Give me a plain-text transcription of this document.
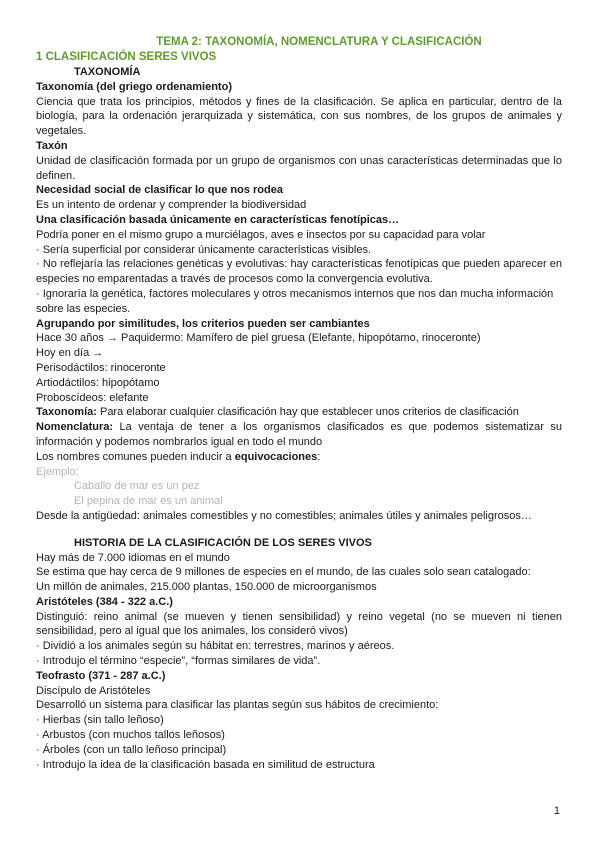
TEMA 2: TAXONOMÍA, NOMENCLATURA Y CLASIFICACIÓN

1 CLASIFICACIÓN SERES VIVOS

TAXONOMÍA

Taxonomía (del griego ordenamiento)

Ciencia que trata los principios, métodos y fines de la clasificación. Se aplica en particular, dentro de la biología, para la ordenación jerarquizada y sistemática, con sus nombres, de los grupos de animales y vegetales.

Taxón

Unidad de clasificación formada por un grupo de organismos con unas características determinadas que lo definen.

Necesidad social de clasificar lo que nos rodea

Es un intento de ordenar y comprender la biodiversidad

Una clasificación basada únicamente en características fenotípicas…

Podría poner en el mismo grupo a murciélagos, aves e insectos por su capacidad para volar

· Sería superficial por considerar únicamente características visibles.

· No reflejaría las relaciones genéticas y evolutivas: hay características fenotípicas que pueden aparecer en especies no emparentadas a través de procesos como la convergencia evolutiva.

· Ignoraría la genética, factores moleculares y otros mecanismos internos que nos dan mucha información sobre las especies.

Agrupando por similitudes, los criterios pueden ser cambiantes

Hace 30 años → Paquidermo: Mamífero de piel gruesa (Elefante, hipopótamo, rinoceronte)

Hoy en día →

Perisodáctilos: rinoceronte

Artiodáctilos: hipopótamo

Proboscídeos: elefante

Taxonomía: Para elaborar cualquier clasificación hay que establecer unos criterios de clasificación

Nomenclatura: La ventaja de tener a los organismos clasificados es que podemos sistematizar su información y podemos nombrarlos igual en todo el mundo

Los nombres comunes pueden inducir a equivocaciones:

Ejemplo:

Caballo de mar es un pez

El pepina de mar es un animal

Desde la antigüedad: animales comestibles y no comestibles; animales útiles y animales peligrosos…

HISTORIA DE LA CLASIFICACIÓN DE LOS SERES VIVOS

Hay más de 7.000 idiomas en el mundo

Se estima que hay cerca de 9 millones de especies en el mundo, de las cuales solo sean catalogado:

Un millón de animales, 215.000 plantas, 150.000 de microorganismos

Aristóteles (384 - 322 a.C.)

Distinguió: reino animal (se mueven y tienen sensibilidad) y reino vegetal (no se mueven ni tienen sensibilidad, pero al igual que los animales, los consideró vivos)

· Dividió a los animales según su hábitat en: terrestres, marinos y aéreos.

· Introdujo el término “especie”, “formas similares de vida”.

Teofrasto (371 - 287 a.C.)

Discípulo de Aristóteles

Desarrolló un sistema para clasificar las plantas según sus hábitos de crecimiento:

· Hierbas (sin tallo leñoso)

· Arbustos (con muchos tallos leñosos)

· Árboles (con un tallo leñoso principal)

· Introdujo la idea de la clasificación basada en similitud de estructura

1
